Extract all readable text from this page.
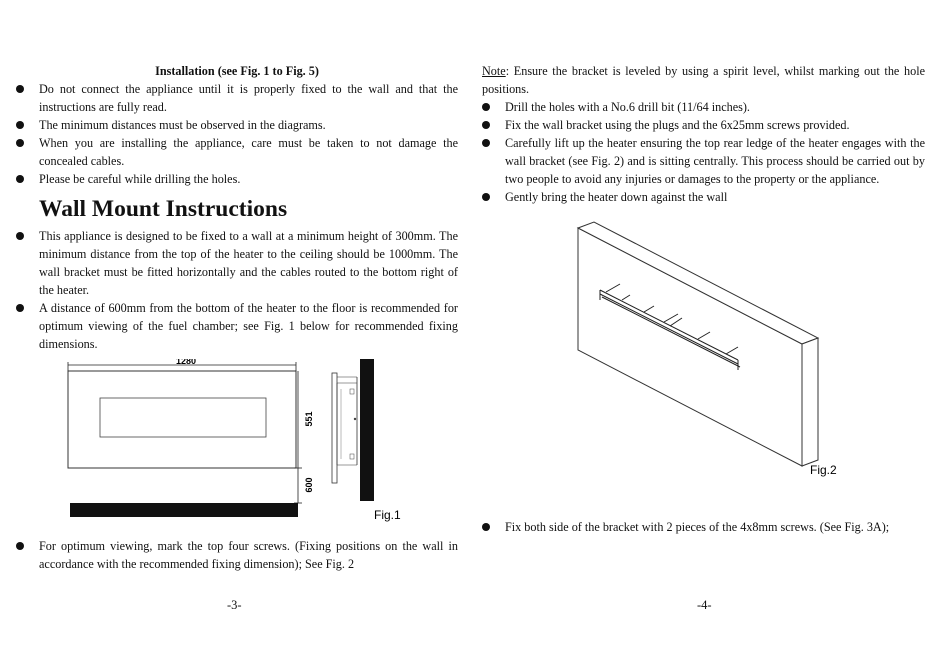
Installation (see Fig. 1 to Fig. 5)
Do not connect the appliance until it is properly fixed to the wall and that the instructions are fully read.
The minimum distances must be observed in the diagrams.
When you are installing the appliance, care must be taken to not damage the concealed cables.
Please be careful while drilling the holes.
Wall Mount Instructions
This appliance is designed to be fixed to a wall at a minimum height of 300mm. The minimum distance from the top of the heater to the ceiling should be 1000mm. The wall bracket must be fitted horizontally and the cables routed to the bottom right of the heater.
A distance of 600mm from the bottom of the heater to the floor is recommended for optimum viewing of the fuel chamber; see Fig. 1 below for recommended fixing dimensions.
1280
551
600
Fig.1
For optimum viewing, mark the top four screws. (Fixing positions on the wall in accordance with the recommended fixing dimension); See Fig. 2
Note: Ensure the bracket is leveled by using a spirit level, whilst marking out the hole positions.
Drill the holes with a No.6 drill bit (11/64 inches).
Fix the wall bracket using the plugs and the 6x25mm screws provided.
Carefully lift up the heater ensuring the top rear ledge of the heater engages with the wall bracket (see Fig. 2) and is sitting centrally. This process should be carried out by two people to avoid any injuries or damages to the property or the appliance.
Gently bring the heater down against the wall
Fig.2
Fix both side of the bracket with 2 pieces of the 4x8mm screws. (See Fig. 3A);
-3-	-4-
